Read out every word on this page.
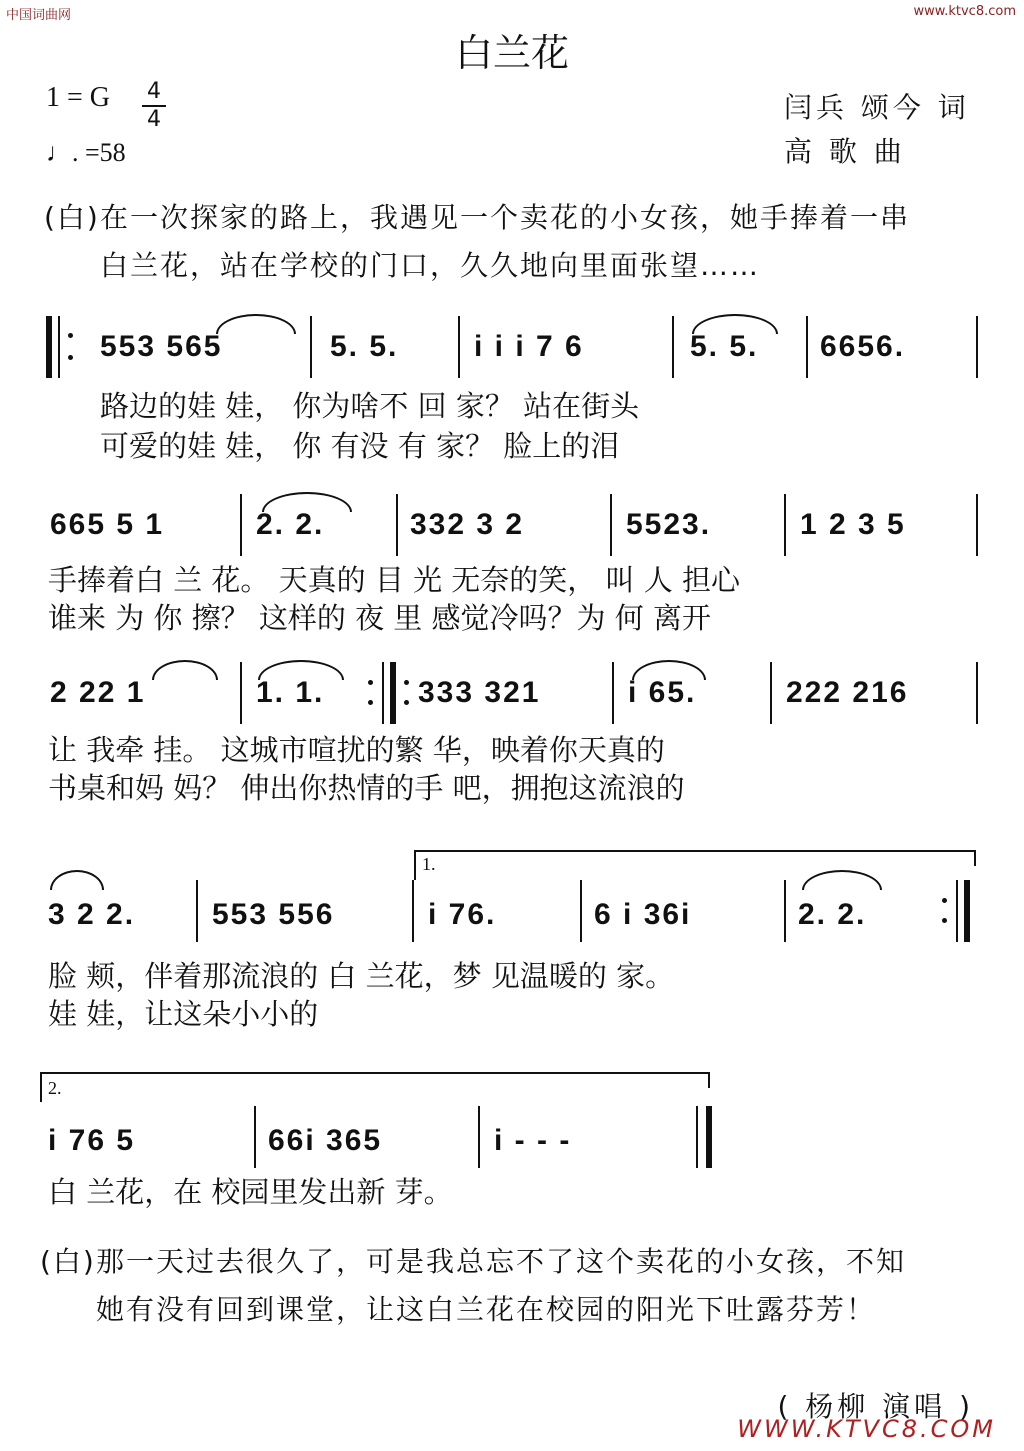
中国词曲网	www.ktvc8.com
白兰花
1 = G 4
4
♩. =58
闫兵 颂今 词
高 歌 曲
(白) 在一次探家的路上，我遇见一个卖花的小女孩，她手捧着一串
白兰花，站在学校的门口，久久地向里面张望……
553 565	5. 5.	i i i 7 6	5. 5. 6656.
路边的娃 娃， 你为啥不 回 家？ 站在街头
可爱的娃 娃， 你 有没 有 家？ 脸上的泪
665 5 1	2. 2.	332 3 2	5523.	1 2 3 5
手捧着白 兰 花。 天真的 目 光 无奈的笑， 叫 人 担心
谁来 为 你 擦？ 这样的 夜 里 感觉冷吗？为 何 离开
2 22 1	1. 1.	333 321	i 65.	222 216
让 我牵 挂。 这城市喧扰的繁 华，映着你天真的
书桌和妈 妈？ 伸出你热情的手 吧，拥抱这流浪的
1.
3 2 2.	553 556	i 76.	6 i 36i	2. 2.
脸 颊，伴着那流浪的 白 兰花，梦 见温暖的 家。
娃 娃，让这朵小小的
2.
i 76 5	66i 365	i - - -
白 兰花，在 校园里发出新 芽。
(白) 那一天过去很久了，可是我总忘不了这个卖花的小女孩，不知
她有没有回到课堂，让这白兰花在校园的阳光下吐露芬芳！
( 杨柳 演唱 )
WWW.KTVC8.COM
